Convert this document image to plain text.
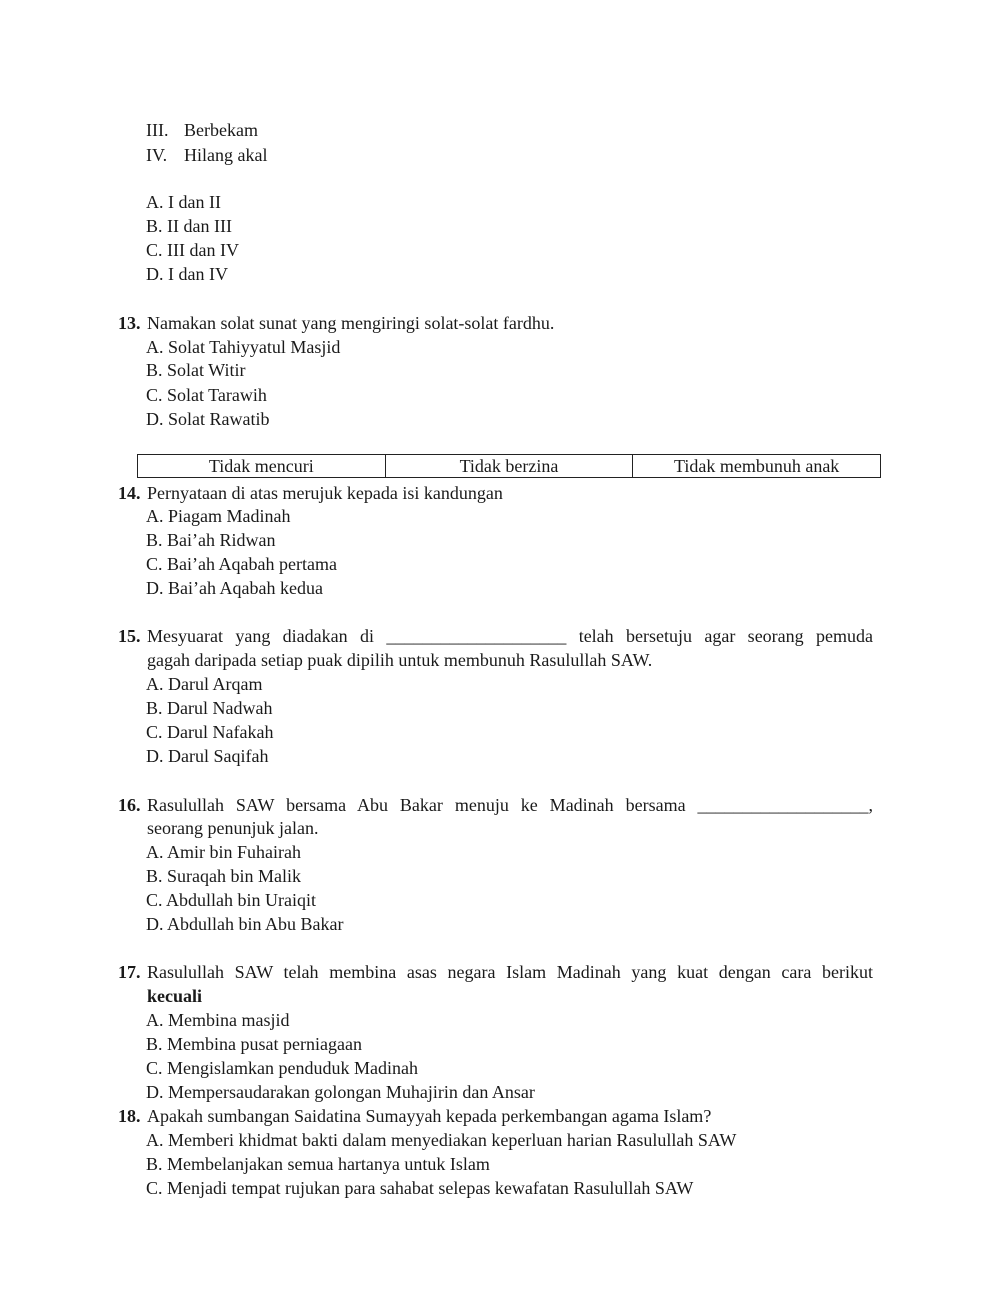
III. Berbekam
IV. Hilang akal
A. I dan II
B. II dan III
C. III dan IV
D. I dan IV
13. Namakan solat sunat yang mengiringi solat-solat fardhu.
A. Solat Tahiyyatul Masjid
B. Solat Witir
C. Solat Tarawih
D. Solat Rawatib
Tidak mencuri	Tidak berzina	Tidak membunuh anak
14. Pernyataan di atas merujuk kepada isi kandungan
A. Piagam Madinah
B. Bai’ah Ridwan
C. Bai’ah Aqabah pertama
D. Bai’ah Aqabah kedua
15. Mesyuarat yang diadakan di ____________________ telah bersetuju agar seorang pemuda
gagah daripada setiap puak dipilih untuk membunuh Rasulullah SAW.
A. Darul Arqam
B. Darul Nadwah
C. Darul Nafakah
D. Darul Saqifah
16. Rasulullah SAW bersama Abu Bakar menuju ke Madinah bersama ___________________,
seorang penunjuk jalan.
A. Amir bin Fuhairah
B. Suraqah bin Malik
C. Abdullah bin Uraiqit
D. Abdullah bin Abu Bakar
17. Rasulullah SAW telah membina asas negara Islam Madinah yang kuat dengan cara berikut
kecuali
A. Membina masjid
B. Membina pusat perniagaan
C. Mengislamkan penduduk Madinah
D. Mempersaudarakan golongan Muhajirin dan Ansar
18. Apakah sumbangan Saidatina Sumayyah kepada perkembangan agama Islam?
A. Memberi khidmat bakti dalam menyediakan keperluan harian Rasulullah SAW
B. Membelanjakan semua hartanya untuk Islam
C. Menjadi tempat rujukan para sahabat selepas kewafatan Rasulullah SAW
